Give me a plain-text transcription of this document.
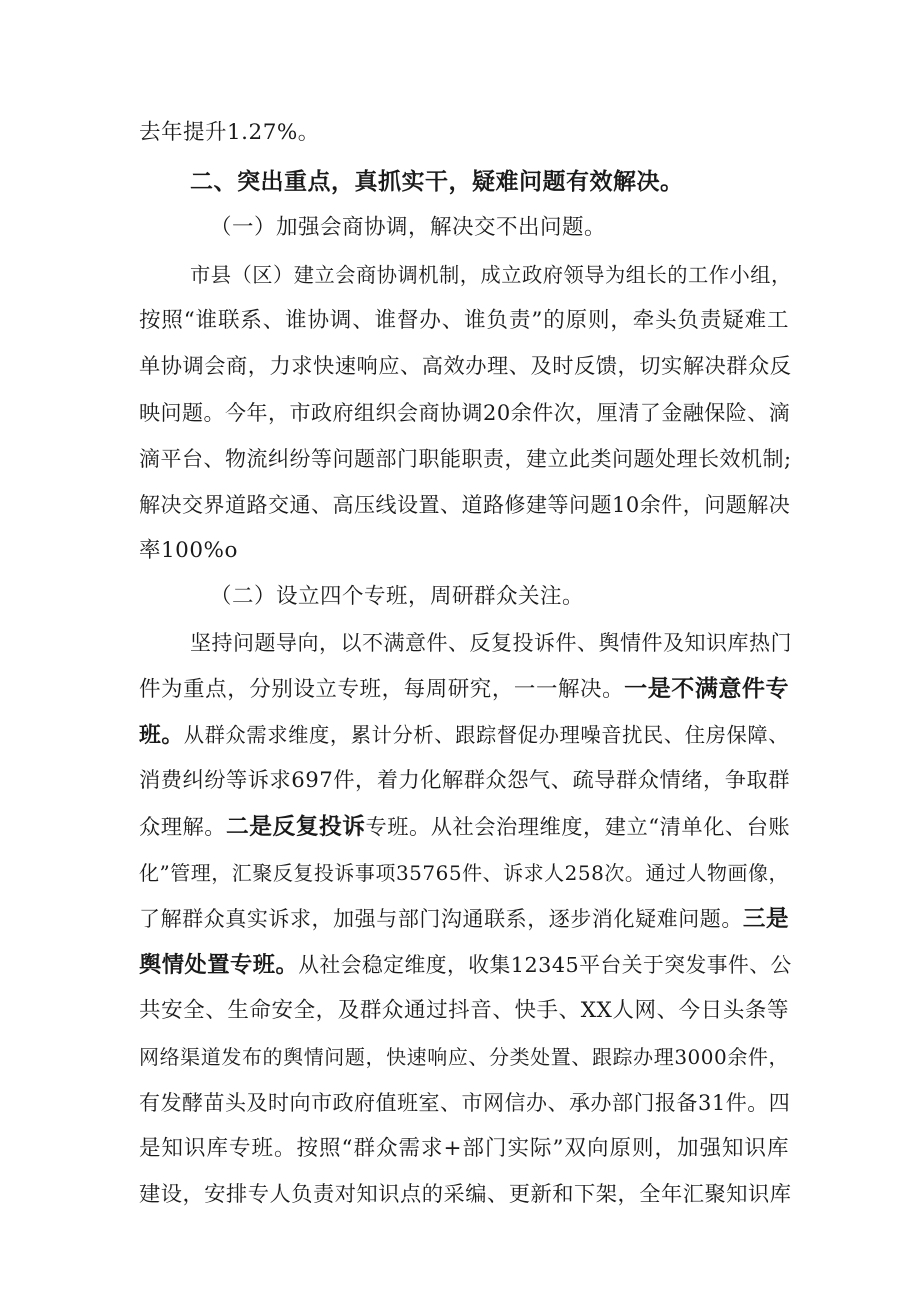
去年提升1.27%。
二、突出重点，真抓实干，疑难问题有效解决。
（一）加强会商协调，解决交不出问题。
市县（区）建立会商协调机制，成立政府领导为组长的工作小组，
按照“谁联系、谁协调、谁督办、谁负责”的原则，牵头负责疑难工
单协调会商，力求快速响应、高效办理、及时反馈，切实解决群众反
映问题。今年，市政府组织会商协调20余件次，厘清了金融保险、滴
滴平台、物流纠纷等问题部门职能职责，建立此类问题处理长效机制;
解决交界道路交通、高压线设置、道路修建等问题10余件，问题解决
率100%o
（二）设立四个专班，周研群众关注。
坚持问题导向，以不满意件、反复投诉件、舆情件及知识库热门
件为重点，分别设立专班，每周研究，一一解决。一是不满意件专
班。从群众需求维度，累计分析、跟踪督促办理噪音扰民、住房保障、
消费纠纷等诉求697件，着力化解群众怨气、疏导群众情绪，争取群
众理解。二是反复投诉专班。从社会治理维度，建立“清单化、台账
化”管理，汇聚反复投诉事项35765件、诉求人258次。通过人物画像，
了解群众真实诉求，加强与部门沟通联系，逐步消化疑难问题。三是
舆情处置专班。从社会稳定维度，收集12345平台关于突发事件、公
共安全、生命安全，及群众通过抖音、快手、XX人网、今日头条等
网络渠道发布的舆情问题，快速响应、分类处置、跟踪办理3000余件，
有发酵苗头及时向市政府值班室、市网信办、承办部门报备31件。四
是知识库专班。按照“群众需求+部门实际”双向原则，加强知识库
建设，安排专人负责对知识点的采编、更新和下架，全年汇聚知识库
